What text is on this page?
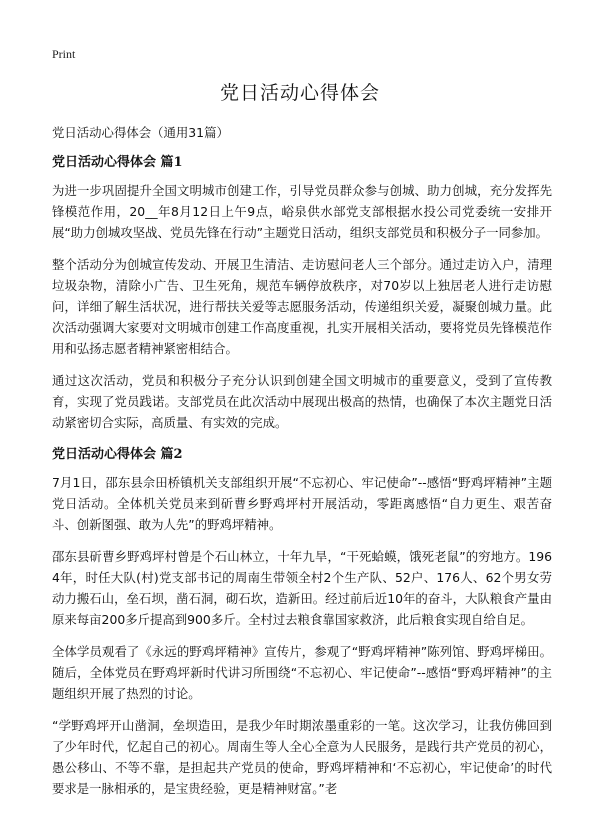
Print
党日活动心得体会

党日活动心得体会（通用31篇）

党日活动心得体会 篇1

为进一步巩固提升全国文明城市创建工作，引导党员群众参与创城、助力创城，充分发挥先锋模范作用，20__年8月12日上午9点，峪泉供水部党支部根据水投公司党委统一安排开展“助力创城攻坚战、党员先锋在行动”主题党日活动，组织支部党员和积极分子一同参加。

整个活动分为创城宣传发动、开展卫生清洁、走访慰问老人三个部分。通过走访入户，清理垃圾杂物，清除小广告、卫生死角，规范车辆停放秩序，对70岁以上独居老人进行走访慰问，详细了解生活状况，进行帮扶关爱等志愿服务活动，传递组织关爱，凝聚创城力量。此次活动强调大家要对文明城市创建工作高度重视，扎实开展相关活动，要将党员先锋模范作用和弘扬志愿者精神紧密相结合。

通过这次活动，党员和积极分子充分认识到创建全国文明城市的重要意义，受到了宣传教育，实现了党员践诺。支部党员在此次活动中展现出极高的热情，也确保了本次主题党日活动紧密切合实际，高质量、有实效的完成。

党日活动心得体会 篇2

7月1日，邵东县佘田桥镇机关支部组织开展“不忘初心、牢记使命”--感悟“野鸡坪精神”主题党日活动。全体机关党员来到斫曹乡野鸡坪村开展活动，零距离感悟“自力更生、艰苦奋斗、创新图强、敢为人先”的野鸡坪精神。

邵东县斫曹乡野鸡坪村曾是个石山林立，十年九旱，“干死蛤蟆，饿死老鼠”的穷地方。1964年，时任大队(村)党支部书记的周南生带领全村2个生产队、52户、176人、62个男女劳动力搬石山，垒石坝，凿石洞，砌石坎，造新田。经过前后近10年的奋斗，大队粮食产量由原来每亩200多斤提高到900多斤。全村过去粮食靠国家救济，此后粮食实现自给自足。

全体学员观看了《永远的野鸡坪精神》宣传片，参观了“野鸡坪精神”陈列馆、野鸡坪梯田。随后，全体党员在野鸡坪新时代讲习所围绕“不忘初心、牢记使命”--感悟“野鸡坪精神”的主题组织开展了热烈的讨论。

“学野鸡坪开山凿洞，垒坝造田，是我少年时期浓墨重彩的一笔。这次学习，让我仿佛回到了少年时代，忆起自己的初心。周南生等人全心全意为人民服务，是践行共产党员的初心，愚公移山、不等不靠，是担起共产党员的使命，野鸡坪精神和‘不忘初心，牢记使命’的时代要求是一脉相承的，是宝贵经验，更是精神财富。”老
